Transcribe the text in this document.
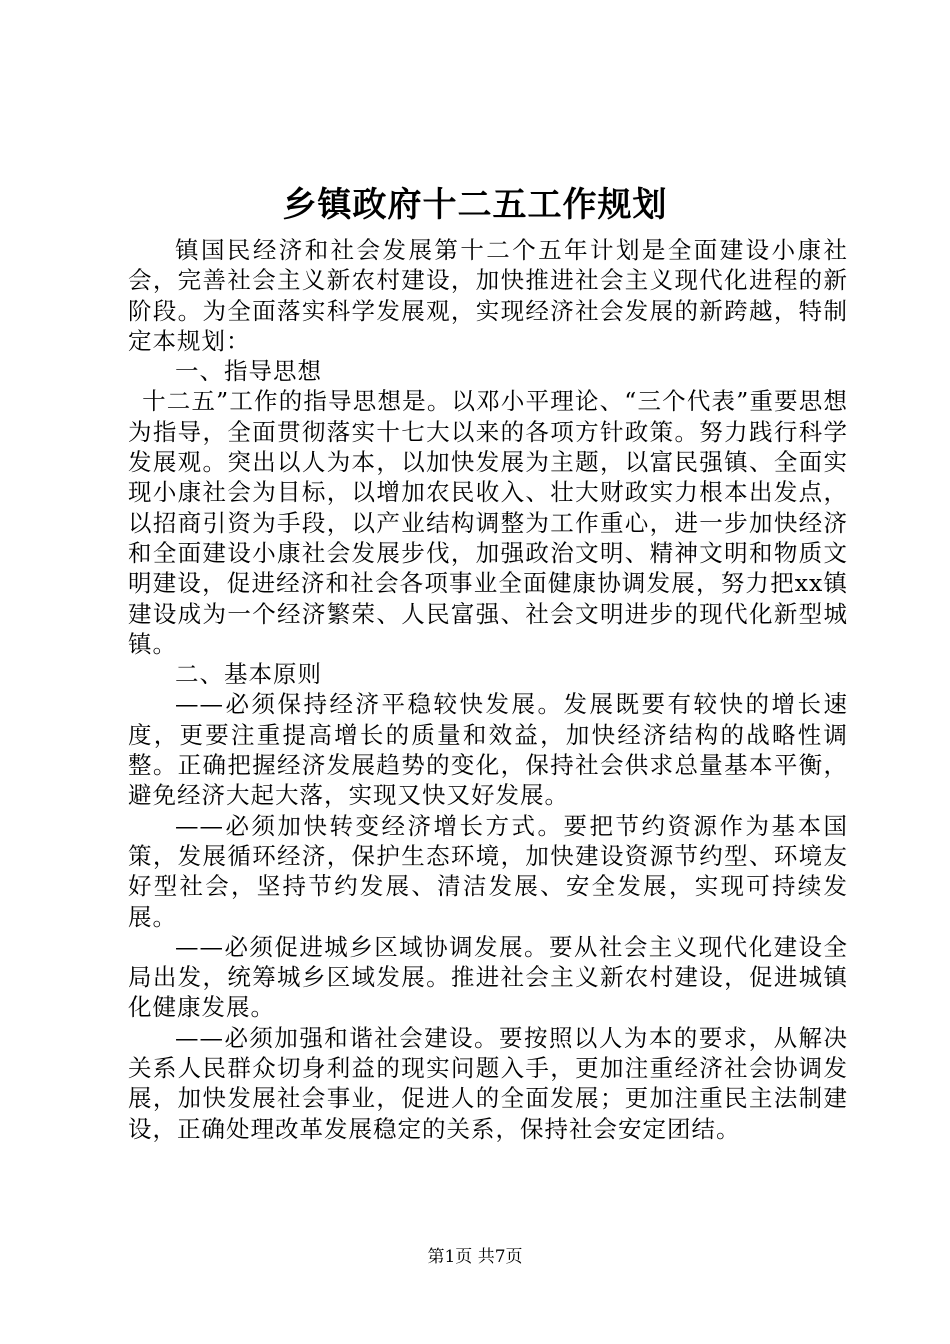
乡镇政府十二五工作规划

镇国民经济和社会发展第十二个五年计划是全面建设小康社会，完善社会主义新农村建设，加快推进社会主义现代化进程的新阶段。为全面落实科学发展观，实现经济社会发展的新跨越，特制定本规划：

一、指导思想

十二五”工作的指导思想是。以邓小平理论、“三个代表”重要思想为指导，全面贯彻落实十七大以来的各项方针政策。努力践行科学发展观。突出以人为本，以加快发展为主题，以富民强镇、全面实现小康社会为目标，以增加农民收入、壮大财政实力根本出发点，以招商引资为手段，以产业结构调整为工作重心，进一步加快经济和全面建设小康社会发展步伐，加强政治文明、精神文明和物质文明建设，促进经济和社会各项事业全面健康协调发展，努力把xx镇建设成为一个经济繁荣、人民富强、社会文明进步的现代化新型城镇。

二、基本原则

——必须保持经济平稳较快发展。发展既要有较快的增长速度，更要注重提高增长的质量和效益，加快经济结构的战略性调整。正确把握经济发展趋势的变化，保持社会供求总量基本平衡，避免经济大起大落，实现又快又好发展。

——必须加快转变经济增长方式。要把节约资源作为基本国策，发展循环经济，保护生态环境，加快建设资源节约型、环境友好型社会，坚持节约发展、清洁发展、安全发展，实现可持续发展。

——必须促进城乡区域协调发展。要从社会主义现代化建设全局出发，统筹城乡区域发展。推进社会主义新农村建设，促进城镇化健康发展。

——必须加强和谐社会建设。要按照以人为本的要求，从解决关系人民群众切身利益的现实问题入手，更加注重经济社会协调发展，加快发展社会事业，促进人的全面发展；更加注重民主法制建设，正确处理改革发展稳定的关系，保持社会安定团结。

第1页 共7页
